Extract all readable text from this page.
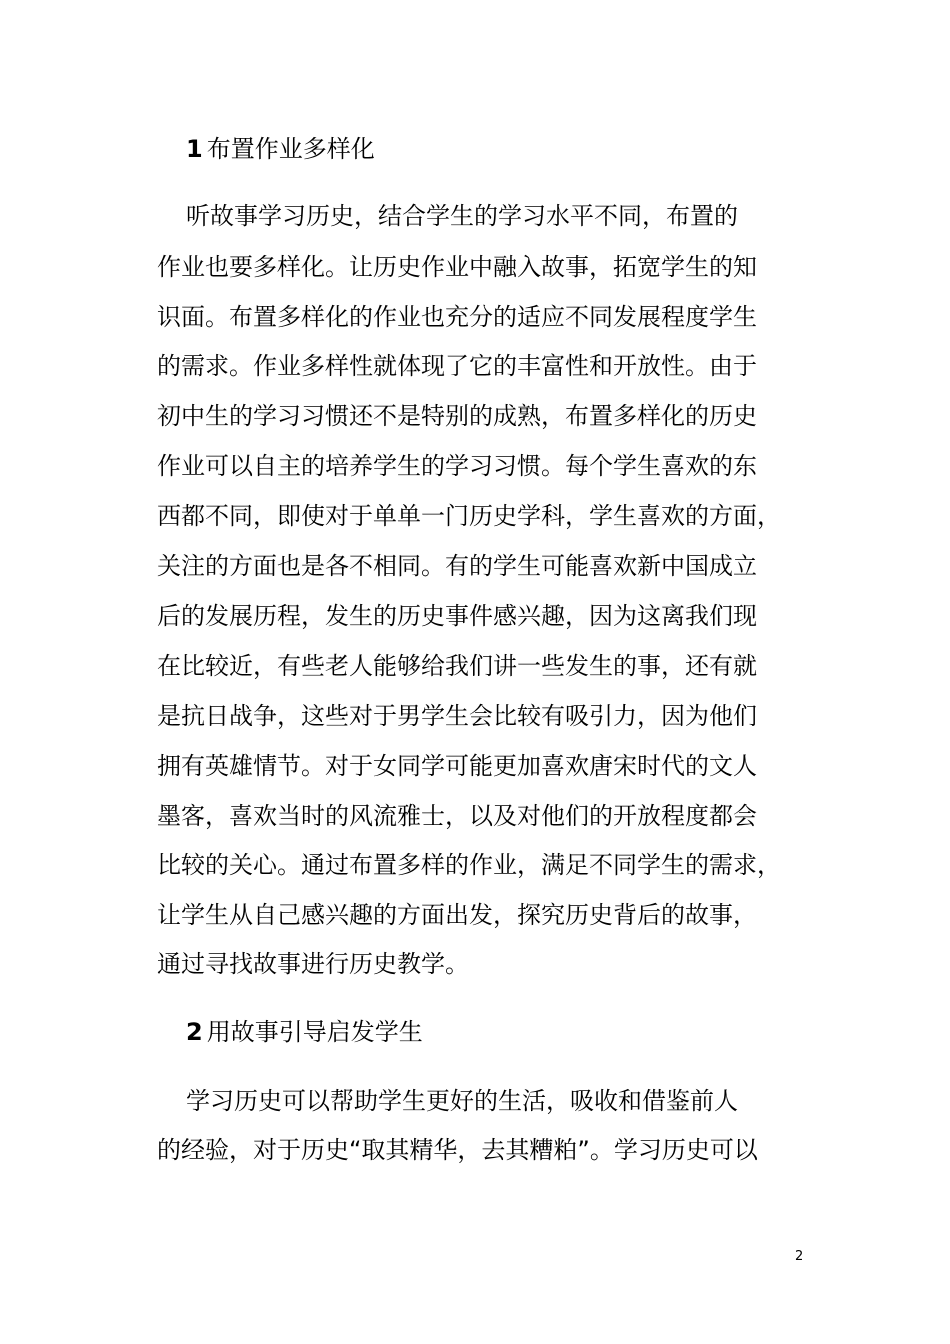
1 布置作业多样化
听故事学习历史，结合学生的学习水平不同，布置的
作业也要多样化。让历史作业中融入故事，拓宽学生的知
识面。布置多样化的作业也充分的适应不同发展程度学生
的需求。作业多样性就体现了它的丰富性和开放性。由于
初中生的学习习惯还不是特别的成熟，布置多样化的历史
作业可以自主的培养学生的学习习惯。每个学生喜欢的东
西都不同，即使对于单单一门历史学科，学生喜欢的方面，
关注的方面也是各不相同。有的学生可能喜欢新中国成立
后的发展历程，发生的历史事件感兴趣，因为这离我们现
在比较近，有些老人能够给我们讲一些发生的事，还有就
是抗日战争，这些对于男学生会比较有吸引力，因为他们
拥有英雄情节。对于女同学可能更加喜欢唐宋时代的文人
墨客，喜欢当时的风流雅士，以及对他们的开放程度都会
比较的关心。通过布置多样的作业，满足不同学生的需求，
让学生从自己感兴趣的方面出发，探究历史背后的故事，
通过寻找故事进行历史教学。
2 用故事引导启发学生
学习历史可以帮助学生更好的生活，吸收和借鉴前人
的经验，对于历史“取其精华，去其糟粕”。学习历史可以
2
